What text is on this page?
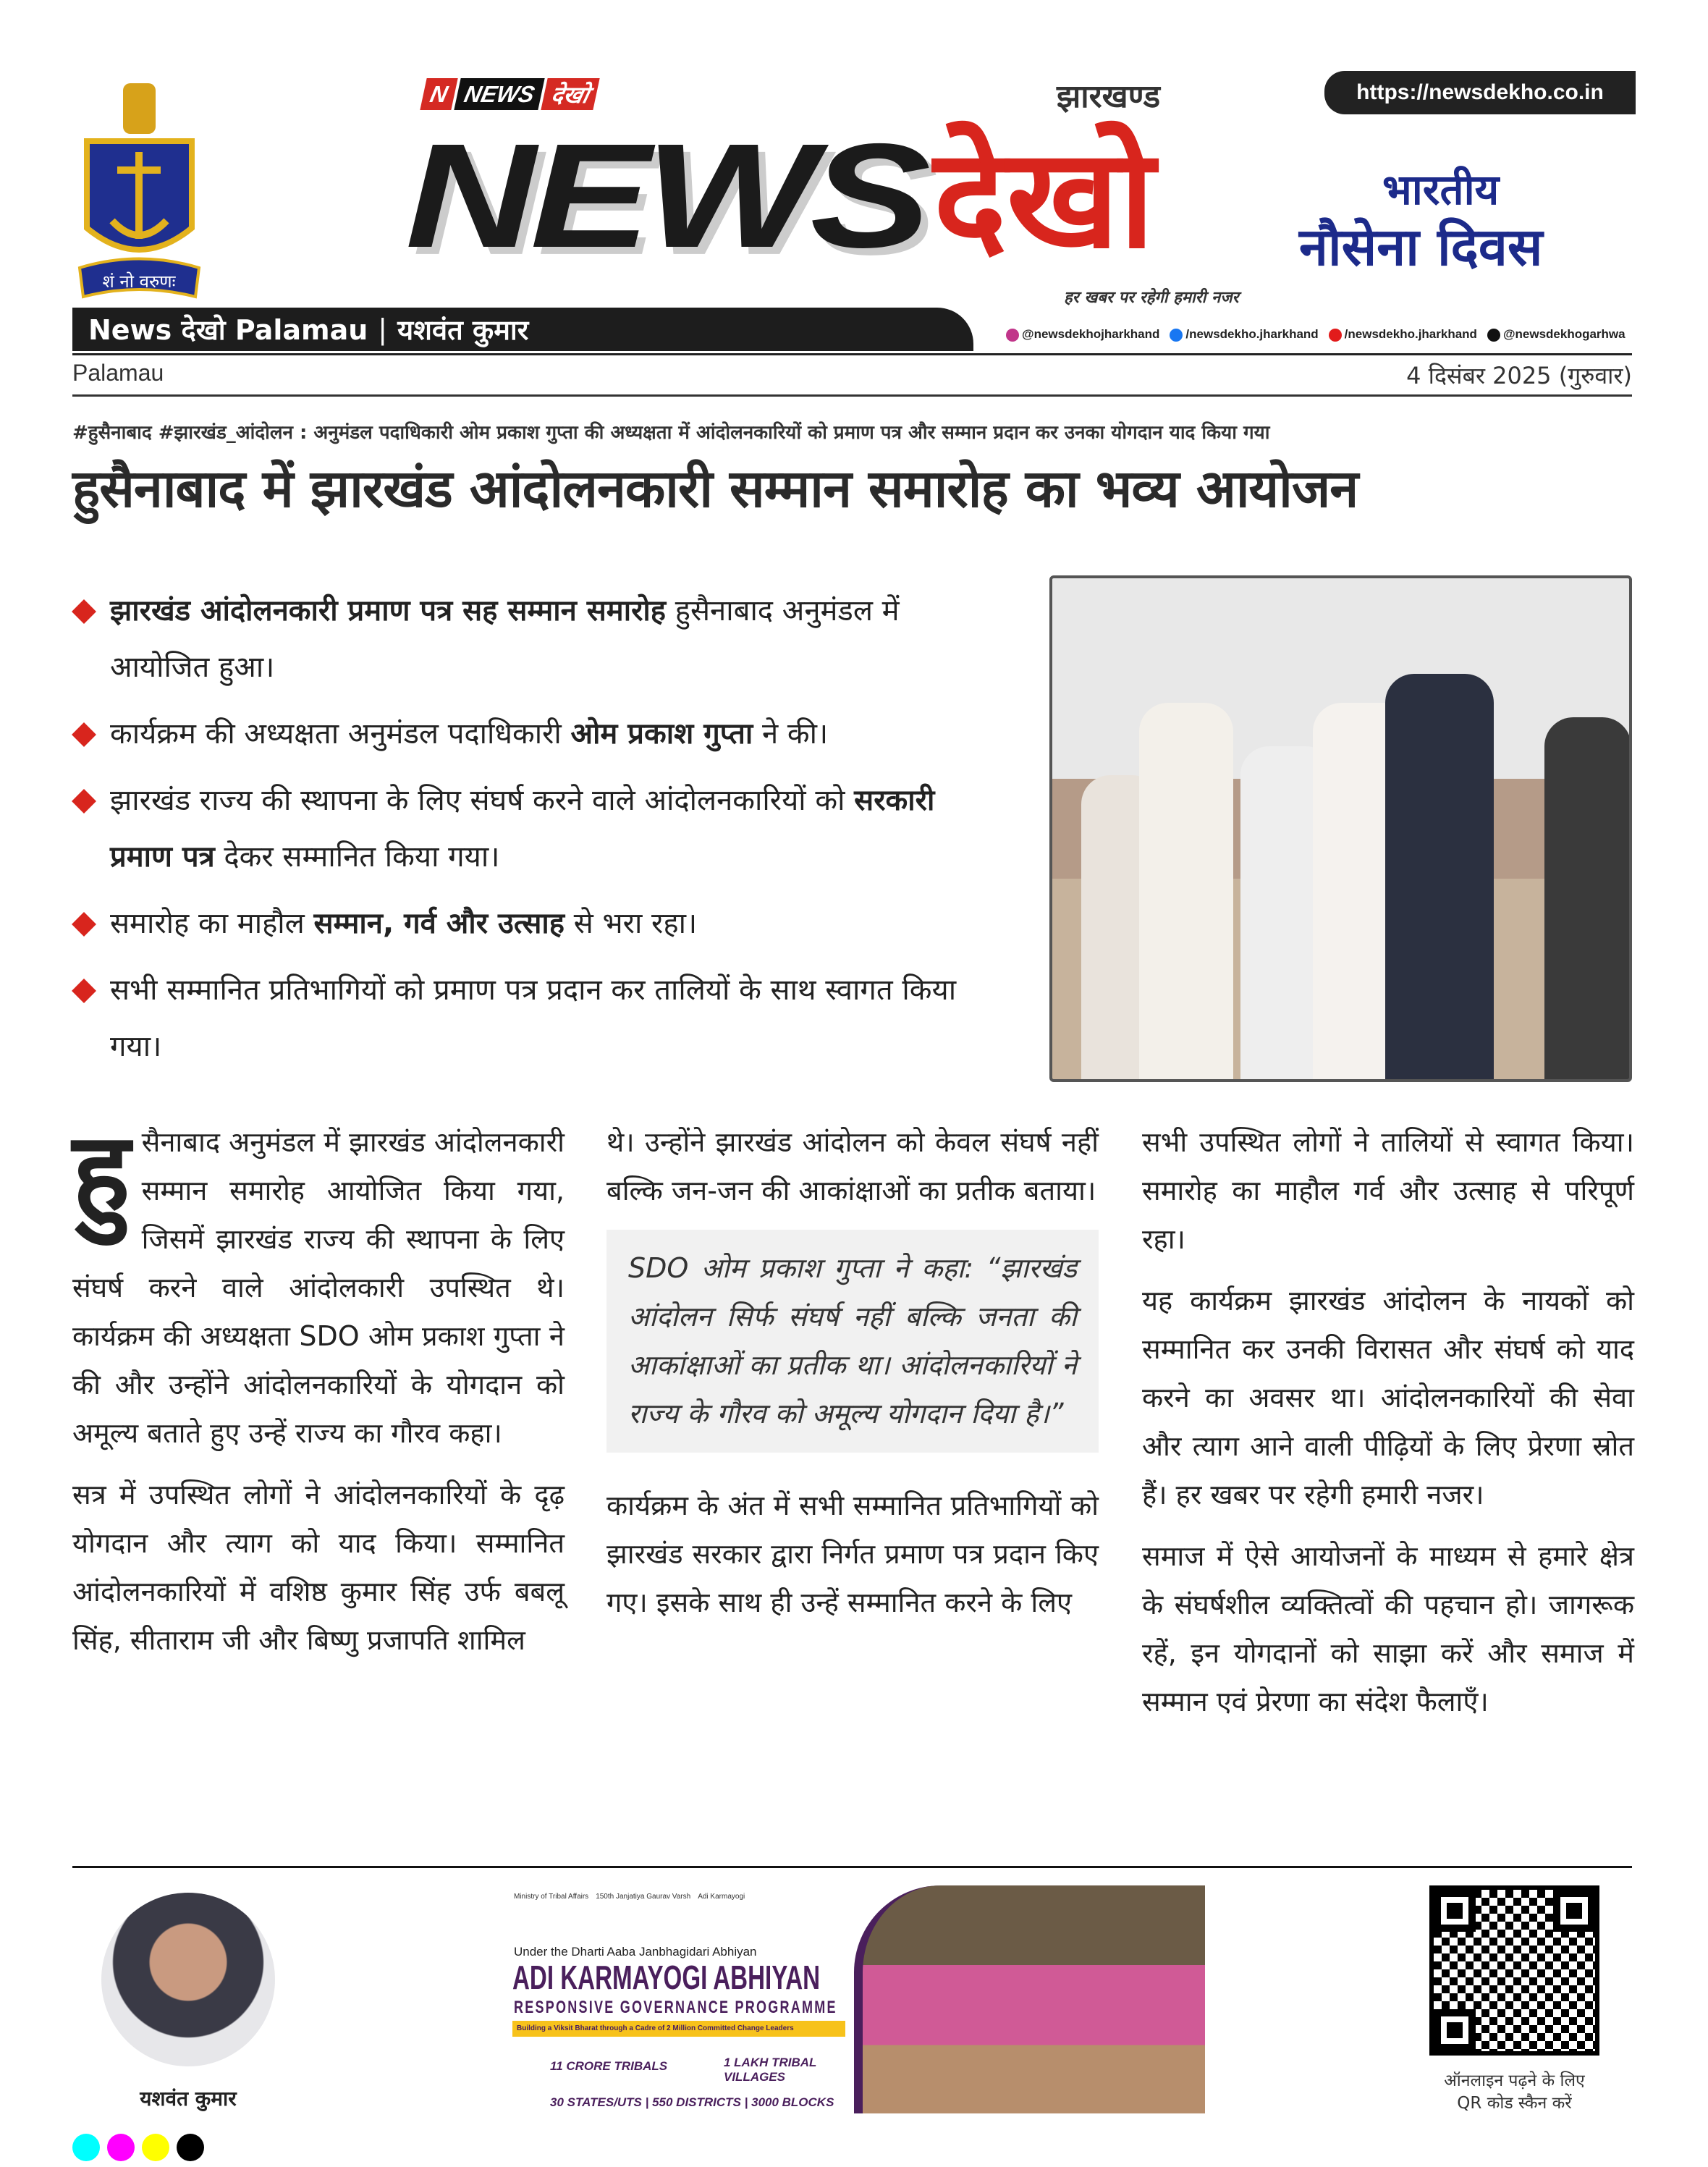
शं नो वरुणः
https://newsdekho.co.in
N NEWS देखो
NEWS देखो
झारखण्ड
हर खबर पर रहेगी हमारी नजर
भारतीय
नौसेना दिवस
News देखो Palamau | यशवंत कुमार	@newsdekhojharkhand	/newsdekho.jharkhand	/newsdekho.jharkhand	@newsdekhogarhwa
Palamau	4 दिसंबर 2025 (गुरुवार)
#हुसैनाबाद #झारखंड_आंदोलन : अनुमंडल पदाधिकारी ओम प्रकाश गुप्ता की अध्यक्षता में आंदोलनकारियों को प्रमाण पत्र और सम्मान प्रदान कर उनका योगदान याद किया गया
हुसैनाबाद में झारखंड आंदोलनकारी सम्मान समारोह का भव्य आयोजन
झारखंड आंदोलनकारी प्रमाण पत्र सह सम्मान समारोह हुसैनाबाद अनुमंडल में आयोजित हुआ।
कार्यक्रम की अध्यक्षता अनुमंडल पदाधिकारी ओम प्रकाश गुप्ता ने की।
झारखंड राज्य की स्थापना के लिए संघर्ष करने वाले आंदोलनकारियों को सरकारी प्रमाण पत्र देकर सम्मानित किया गया।
समारोह का माहौल सम्मान, गर्व और उत्साह से भरा रहा।
सभी सम्मानित प्रतिभागियों को प्रमाण पत्र प्रदान कर तालियों के साथ स्वागत किया गया।

हुसैनाबाद अनुमंडल में झारखंड आंदोलनकारी सम्मान समारोह आयोजित किया गया, जिसमें झारखंड राज्य की स्थापना के लिए संघर्ष करने वाले आंदोलकारी उपस्थित थे। कार्यक्रम की अध्यक्षता SDO ओम प्रकाश गुप्ता ने की और उन्होंने आंदोलनकारियों के योगदान को अमूल्य बताते हुए उन्हें राज्य का गौरव कहा।

सत्र में उपस्थित लोगों ने आंदोलनकारियों के दृढ़ योगदान और त्याग को याद किया। सम्मानित आंदोलनकारियों में वशिष्ठ कुमार सिंह उर्फ बबलू सिंह, सीताराम जी और बिष्णु प्रजापति शामिल

थे। उन्होंने झारखंड आंदोलन को केवल संघर्ष नहीं बल्कि जन-जन की आकांक्षाओं का प्रतीक बताया।

SDO ओम प्रकाश गुप्ता ने कहा: “झारखंड आंदोलन सिर्फ संघर्ष नहीं बल्कि जनता की आकांक्षाओं का प्रतीक था। आंदोलनकारियों ने राज्य के गौरव को अमूल्य योगदान दिया है।”

कार्यक्रम के अंत में सभी सम्मानित प्रतिभागियों को झारखंड सरकार द्वारा निर्गत प्रमाण पत्र प्रदान किए गए। इसके साथ ही उन्हें सम्मानित करने के लिए

सभी उपस्थित लोगों ने तालियों से स्वागत किया। समारोह का माहौल गर्व और उत्साह से परिपूर्ण रहा।

यह कार्यक्रम झारखंड आंदोलन के नायकों को सम्मानित कर उनकी विरासत और संघर्ष को याद करने का अवसर था। आंदोलनकारियों की सेवा और त्याग आने वाली पीढ़ियों के लिए प्रेरणा स्रोत हैं। हर खबर पर रहेगी हमारी नजर।

समाज में ऐसे आयोजनों के माध्यम से हमारे क्षेत्र के संघर्षशील व्यक्तित्वों की पहचान हो। जागरूक रहें, इन योगदानों को साझा करें और समाज में सम्मान एवं प्रेरणा का संदेश फैलाएँ।

यशवंत कुमार
Ministry of Tribal Affairs 150th Janjatiya Gaurav Varsh Adi Karmayogi
Under the Dharti Aaba Janbhagidari Abhiyan
ADI KARMAYOGI ABHIYAN
RESPONSIVE GOVERNANCE PROGRAMME
Building a Viksit Bharat through a Cadre of 2 Million Committed Change Leaders
11 CRORE TRIBALS	1 LAKH TRIBAL VILLAGES
30 STATES/UTS | 550 DISTRICTS | 3000 BLOCKS
ऑनलाइन पढ़ने के लिए
QR कोड स्कैन करें
